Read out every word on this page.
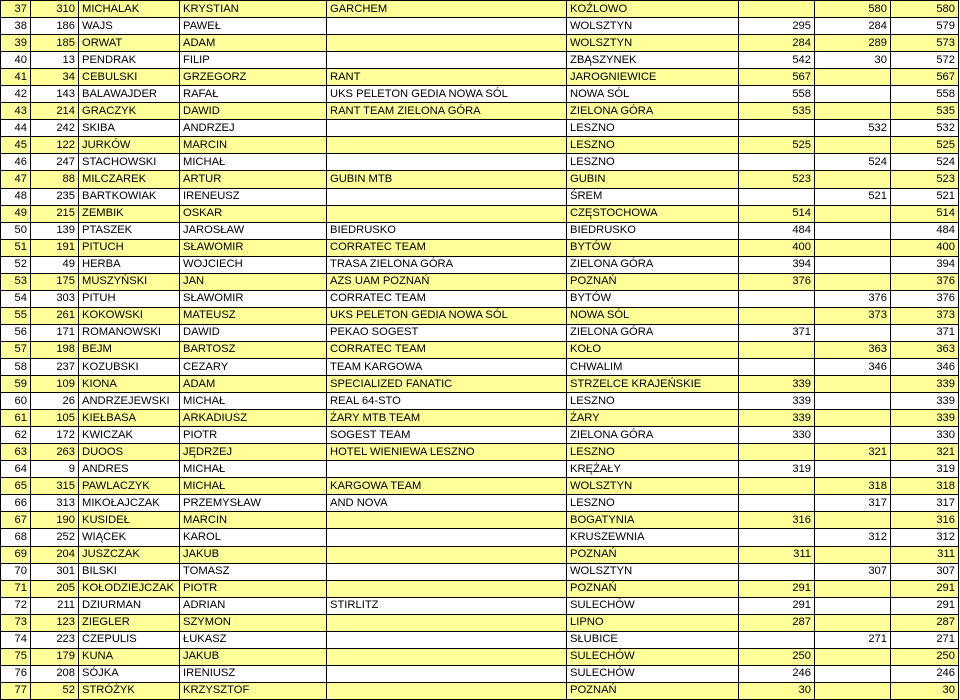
37	310	MICHALAK	KRYSTIAN	GARCHEM	KOŹLOWO		580	580
38	186	WAJS	PAWEŁ		WOLSZTYN	295	284	579
39	185	ORWAT	ADAM		WOLSZTYN	284	289	573
40	13	PENDRAK	FILIP		ZBĄSZYNEK	542	30	572
41	34	CEBULSKI	GRZEGORZ	RANT	JAROGNIEWICE	567		567
42	143	BALAWAJDER	RAFAŁ	UKS PELETON GEDIA NOWA SÓL	NOWA SÓL	558		558
43	214	GRACZYK	DAWID	RANT TEAM ZIELONA GÓRA	ZIELONA GÓRA	535		535
44	242	SKIBA	ANDRZEJ		LESZNO		532	532
45	122	JURKÓW	MARCIN		LESZNO	525		525
46	247	STACHOWSKI	MICHAŁ		LESZNO		524	524
47	88	MILCZAREK	ARTUR	GUBIN MTB	GUBIN	523		523
48	235	BARTKOWIAK	IRENEUSZ		ŚREM		521	521
49	215	ZEMBIK	OSKAR		CZĘSTOCHOWA	514		514
50	139	PTASZEK	JAROSŁAW	BIEDRUSKO	BIEDRUSKO	484		484
51	191	PITUCH	SŁAWOMIR	CORRATEC TEAM	BYTÓW	400		400
52	49	HERBA	WOJCIECH	TRASA ZIELONA GÓRA	ZIELONA GÓRA	394		394
53	175	MUSZYŃSKI	JAN	AZS UAM POZNAŃ	POZNAŃ	376		376
54	303	PITUH	SŁAWOMIR	CORRATEC TEAM	BYTÓW		376	376
55	261	KOKOWSKI	MATEUSZ	UKS PELETON GEDIA NOWA SÓL	NOWA SÓL		373	373
56	171	ROMANOWSKI	DAWID	PEKAO SOGEST	ZIELONA GÓRA	371		371
57	198	BEJM	BARTOSZ	CORRATEC TEAM	KOŁO		363	363
58	237	KOZUBSKI	CEZARY	TEAM KARGOWA	CHWALIM		346	346
59	109	KIONA	ADAM	SPECIALIZED FANATIC	STRZELCE KRAJEŃSKIE	339		339
60	26	ANDRZEJEWSKI	MICHAŁ	REAL 64-STO	LESZNO	339		339
61	105	KIEŁBASA	ARKADIUSZ	ŻARY MTB TEAM	ŻARY	339		339
62	172	KWICZAK	PIOTR	SOGEST TEAM	ZIELONA GÓRA	330		330
63	263	DUOOS	JĘDRZEJ	HOTEL WIENIEWA LESZNO	LESZNO		321	321
64	9	ANDRES	MICHAŁ		KRĘŻAŁY	319		319
65	315	PAWLACZYK	MICHAŁ	KARGOWA TEAM	WOLSZTYN		318	318
66	313	MIKOŁAJCZAK	PRZEMYSŁAW	AND NOVA	LESZNO		317	317
67	190	KUSIDEŁ	MARCIN		BOGATYNIA	316		316
68	252	WIĄCEK	KAROL		KRUSZEWNIA		312	312
69	204	JUSZCZAK	JAKUB		POZNAŃ	311		311
70	301	BILSKI	TOMASZ		WOLSZTYN		307	307
71	205	KOŁODZIEJCZAK	PIOTR		POZNAŃ	291		291
72	211	DZIURMAN	ADRIAN	STIRLITZ	SULECHÓW	291		291
73	123	ZIEGLER	SZYMON		LIPNO	287		287
74	223	CZEPULIS	ŁUKASZ		SŁUBICE		271	271
75	179	KUNA	JAKUB		SULECHÓW	250		250
76	208	SÓJKA	IRENIUSZ		SULECHÓW	246		246
77	52	STRÓŻYK	KRZYSZTOF		POZNAŃ	30		30
